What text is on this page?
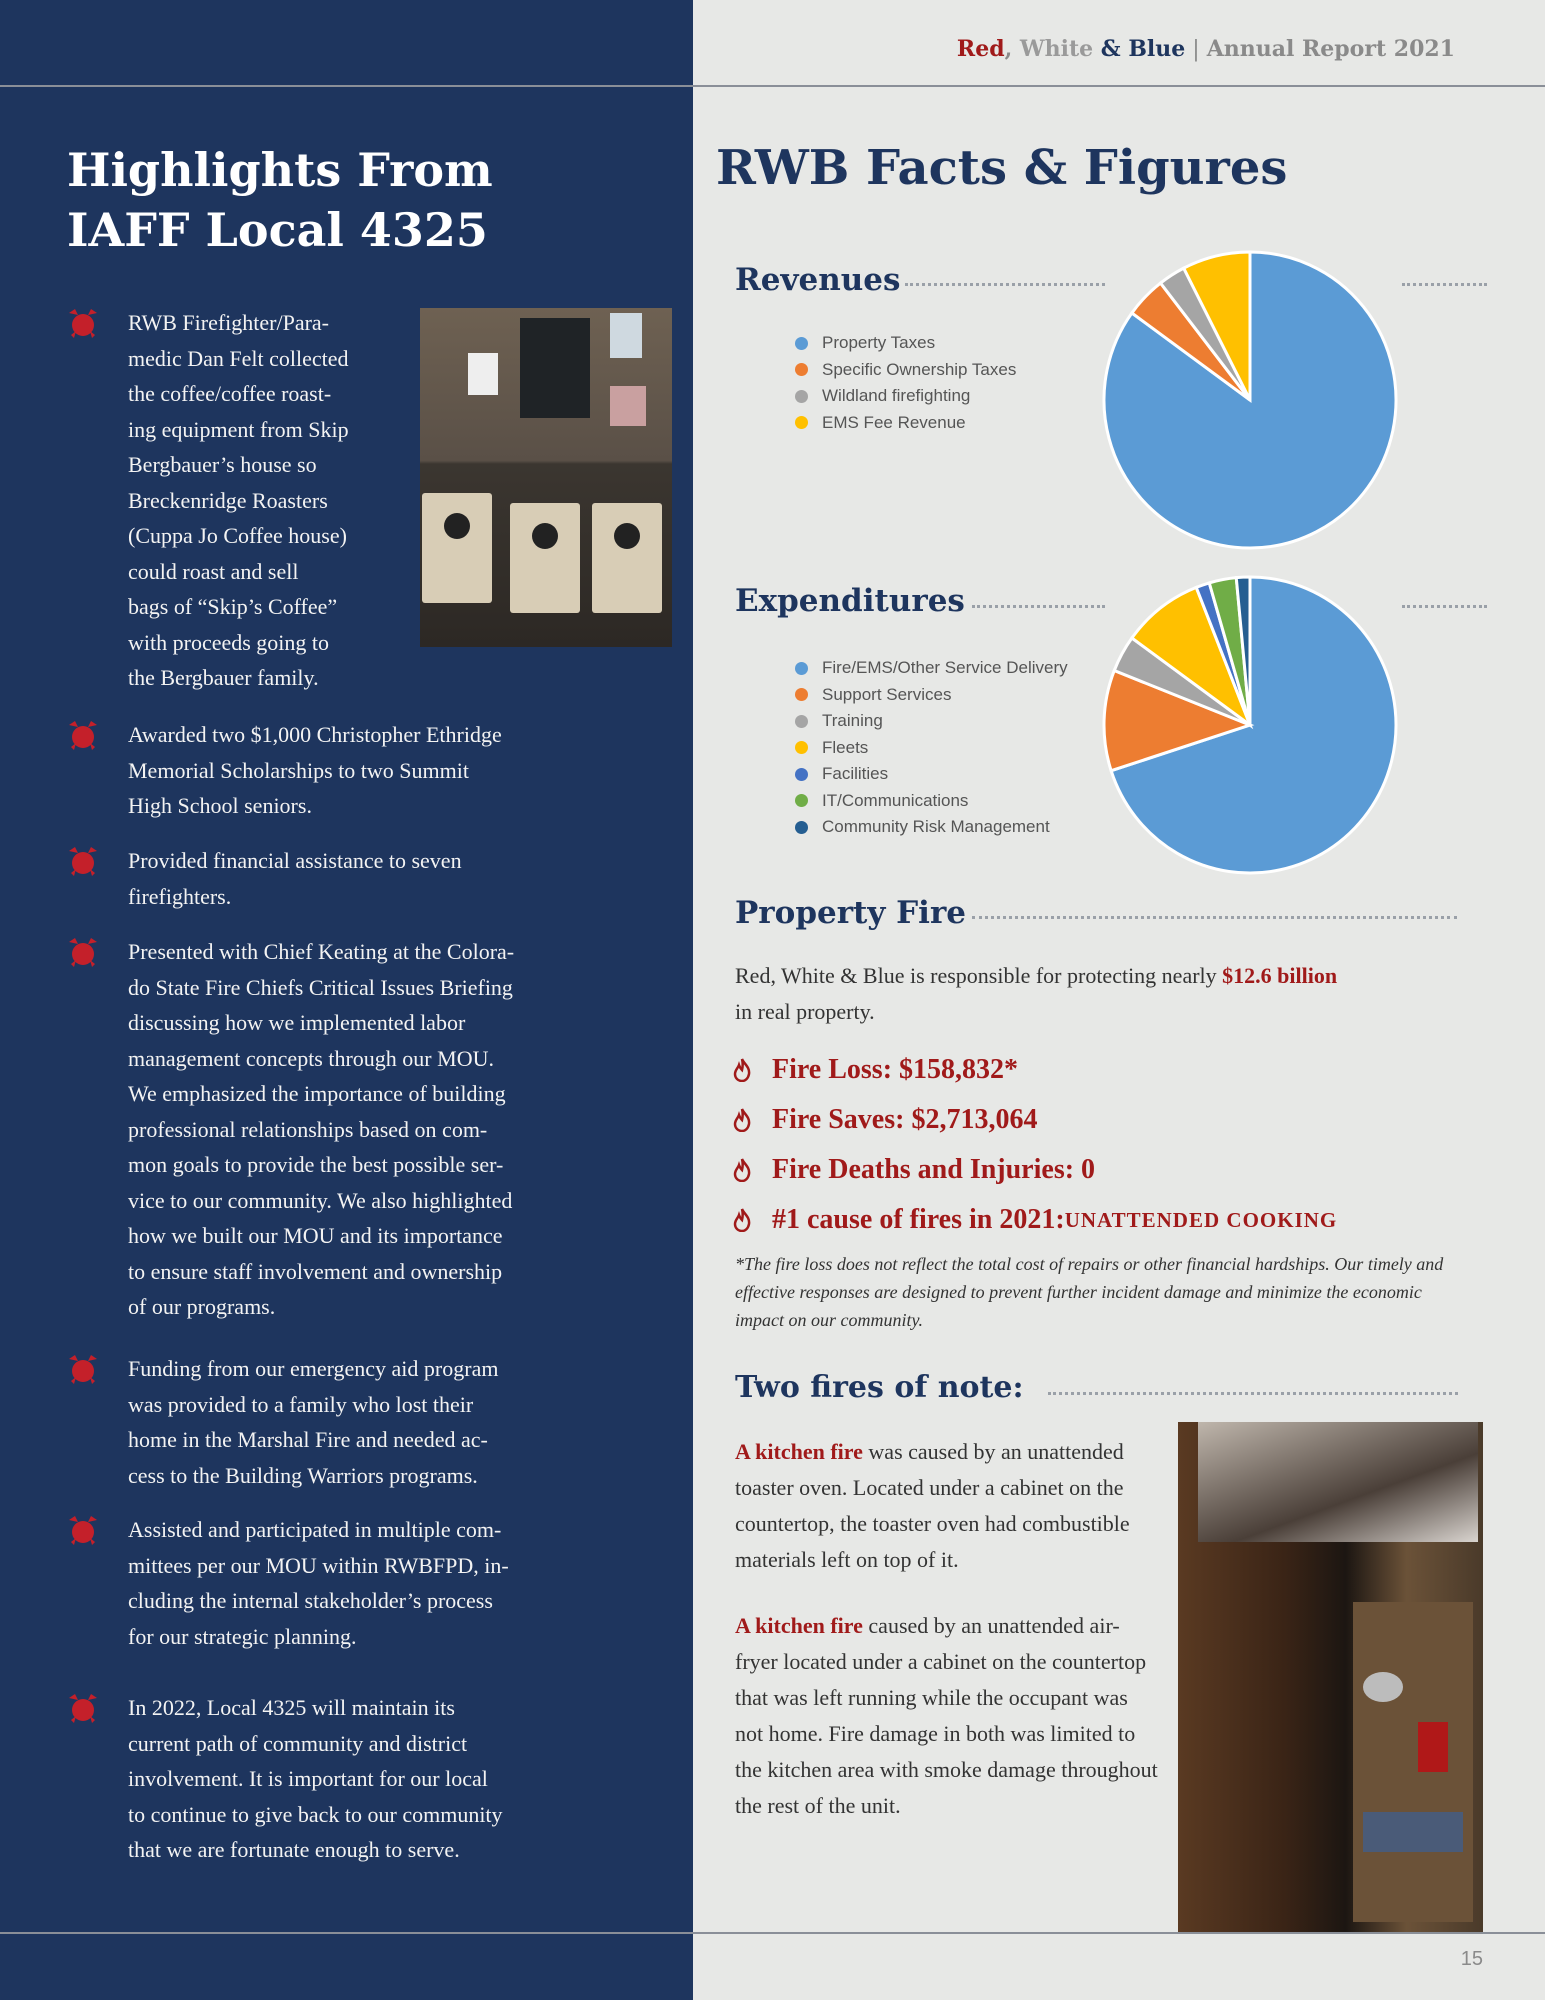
Red, White & Blue | Annual Report 2021
Highlights From
IAFF Local 4325
RWB Firefighter/Para-
medic Dan Felt collected
the coffee/coffee roast-
ing equipment from Skip
Bergbauer’s house so
Breckenridge Roasters
(Cuppa Jo Coffee house)
could roast and sell
bags of “Skip’s Coffee”
with proceeds going to
the Bergbauer family.
Awarded two $1,000 Christopher Ethridge
Memorial Scholarships to two Summit
High School seniors.
Provided financial assistance to seven
firefighters.
Presented with Chief Keating at the Colora-
do State Fire Chiefs Critical Issues Briefing
discussing how we implemented labor
management concepts through our MOU.
We emphasized the importance of building
professional relationships based on com-
mon goals to provide the best possible ser-
vice to our community. We also highlighted
how we built our MOU and its importance
to ensure staff involvement and ownership
of our programs.
Funding from our emergency aid program
was provided to a family who lost their
home in the Marshal Fire and needed ac-
cess to the Building Warriors programs.
Assisted and participated in multiple com-
mittees per our MOU within RWBFPD, in-
cluding the internal stakeholder’s process
for our strategic planning.
In 2022, Local 4325 will maintain its
current path of community and district
involvement. It is important for our local
to continue to give back to our community
that we are fortunate enough to serve.
RWB Facts & Figures
Revenues
Property Taxes
Specific Ownership Taxes
Wildland firefighting
EMS Fee Revenue
Expenditures
Fire/EMS/Other Service Delivery
Support Services
Training
Fleets
Facilities
IT/Communications
Community Risk Management
Property Fire
Red, White & Blue is responsible for protecting nearly $12.6 billion
in real property.
Fire Loss: $158,832*
Fire Saves: $2,713,064
Fire Deaths and Injuries: 0
#1 cause of fires in 2021: UNATTENDED COOKING
*The fire loss does not reflect the total cost of repairs or other financial hardships. Our timely and effective responses are designed to prevent further incident damage and minimize the economic impact on our community.
Two fires of note:

A kitchen fire was caused by an unattended toaster oven. Located under a cabinet on the countertop, the toaster oven had combustible materials left on top of it.

A kitchen fire caused by an unattended air-fryer located under a cabinet on the countertop that was left running while the occupant was not home. Fire damage in both was limited to the kitchen area with smoke damage throughout the rest of the unit.

15
